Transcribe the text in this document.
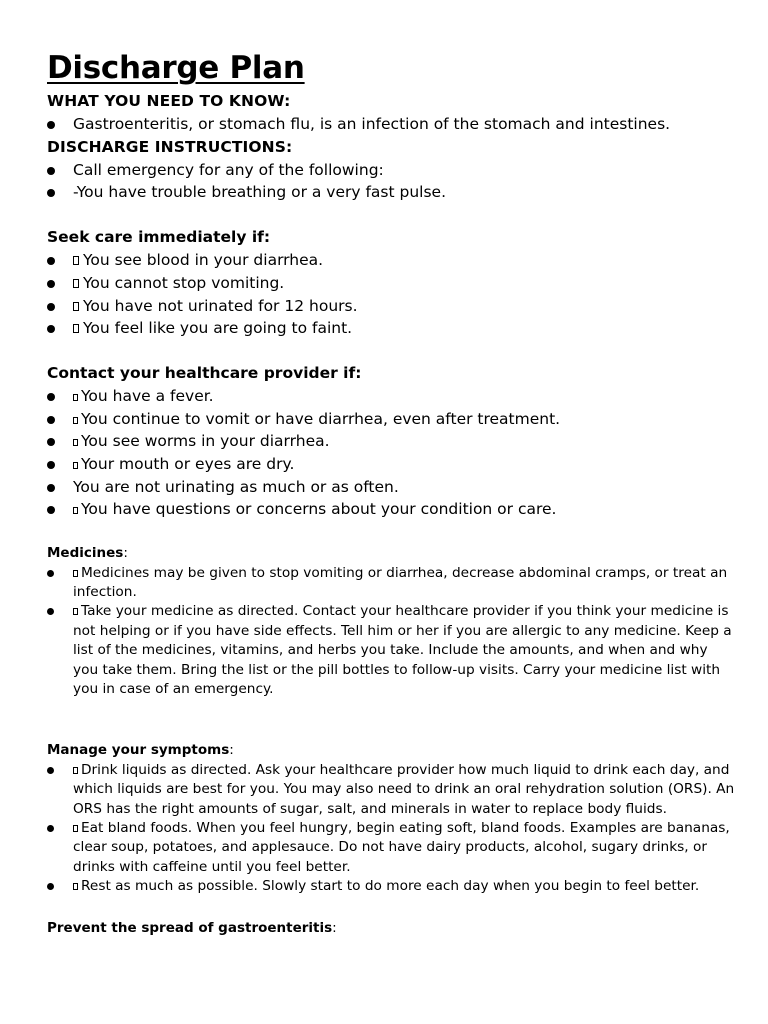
Discharge Plan

WHAT YOU NEED TO KNOW:

Gastroenteritis, or stomach flu, is an infection of the stomach and intestines.

DISCHARGE INSTRUCTIONS:

Call emergency for any of the following:
-You have trouble breathing or a very fast pulse.

Seek care immediately if:

You see blood in your diarrhea.
You cannot stop vomiting.
You have not urinated for 12 hours.
You feel like you are going to faint.

Contact your healthcare provider if:

You have a fever.
You continue to vomit or have diarrhea, even after treatment.
You see worms in your diarrhea.
Your mouth or eyes are dry.
You are not urinating as much or as often.
You have questions or concerns about your condition or care.

Medicines:

Medicines may be given to stop vomiting or diarrhea, decrease abdominal cramps, or treat an infection.
Take your medicine as directed. Contact your healthcare provider if you think your medicine is not helping or if you have side effects. Tell him or her if you are allergic to any medicine. Keep a list of the medicines, vitamins, and herbs you take. Include the amounts, and when and why you take them. Bring the list or the pill bottles to follow-up visits. Carry your medicine list with you in case of an emergency.

Manage your symptoms:

Drink liquids as directed. Ask your healthcare provider how much liquid to drink each day, and which liquids are best for you. You may also need to drink an oral rehydration solution (ORS). An ORS has the right amounts of sugar, salt, and minerals in water to replace body fluids.
Eat bland foods. When you feel hungry, begin eating soft, bland foods. Examples are bananas, clear soup, potatoes, and applesauce. Do not have dairy products, alcohol, sugary drinks, or drinks with caffeine until you feel better.
Rest as much as possible. Slowly start to do more each day when you begin to feel better.

Prevent the spread of gastroenteritis:
